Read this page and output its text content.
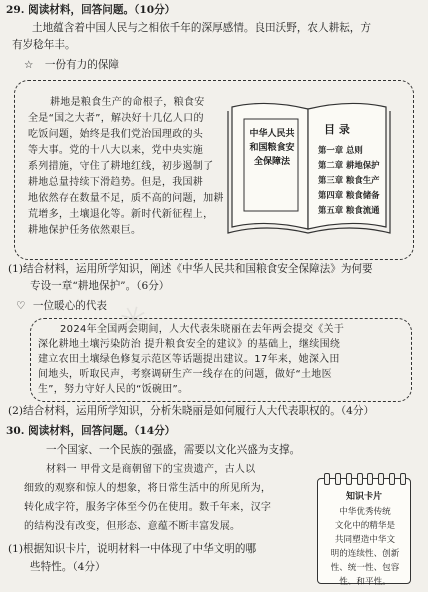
✳
29. 阅读材料，回答问题。（10分）
土地蕴含着中国人民与之相依千年的深厚感情。良田沃野，农人耕耘，方
有岁稔年丰。
☆ 一份有力的保障
耕地是粮食生产的命根子，粮食安
全是“国之大者”，解决好十几亿人口的
吃饭问题，始终是我们党治国理政的头
等大事。党的十八大以来，党中央实施
系列措施，守住了耕地红线，初步遏制了
耕地总量持续下滑趋势。但是，我国耕
地依然存在数量不足，质不高的问题，加耕
荒增多，土壤退化等。新时代新征程上，
耕地保护任务依然艰巨。
中华人民共和国粮食安全保障法
目 录
第一章 总则
第二章 耕地保护
第三章 粮食生产
第四章 粮食储备
第五章 粮食流通
(1)结合材料，运用所学知识，阐述《中华人民共和国粮食安全保障法》为何要
专设一章“耕地保护”。（6分）
♡ 一位暖心的代表
2024年全国两会期间，人大代表朱晓丽在去年两会提交《关于
深化耕地土壤污染防治 提升粮食安全的建议》的基础上，继续围绕
建立农田土壤绿色修复示范区等话题提出建议。17年来，她深入田
间地头，听取民声，考察调研生产一线存在的问题，做好“土地医
生”，努力守好人民的“饭碗田”。
(2)结合材料，运用所学知识，分析朱晓丽是如何履行人大代表职权的。（4分）
30. 阅读材料，回答问题。（14分）
一个国家、一个民族的强盛，需要以文化兴盛为支撑。
材料一 甲骨文是商朝留下的宝贵遗产，古人以
细致的观察和惊人的想象，将日常生活中的所见所为，
转化成字符，服务字体至今仍在使用。数千年来，汉字
的结构没有改变，但形态、意蕴不断丰富发展。
(1)根据知识卡片，说明材料一中体现了中华文明的哪
些特性。（4分）
知识卡片
中华优秀传统
文化中的精华是
共同塑造中华文
明的连续性、创新
性、统一性、包容
性、和平性。
